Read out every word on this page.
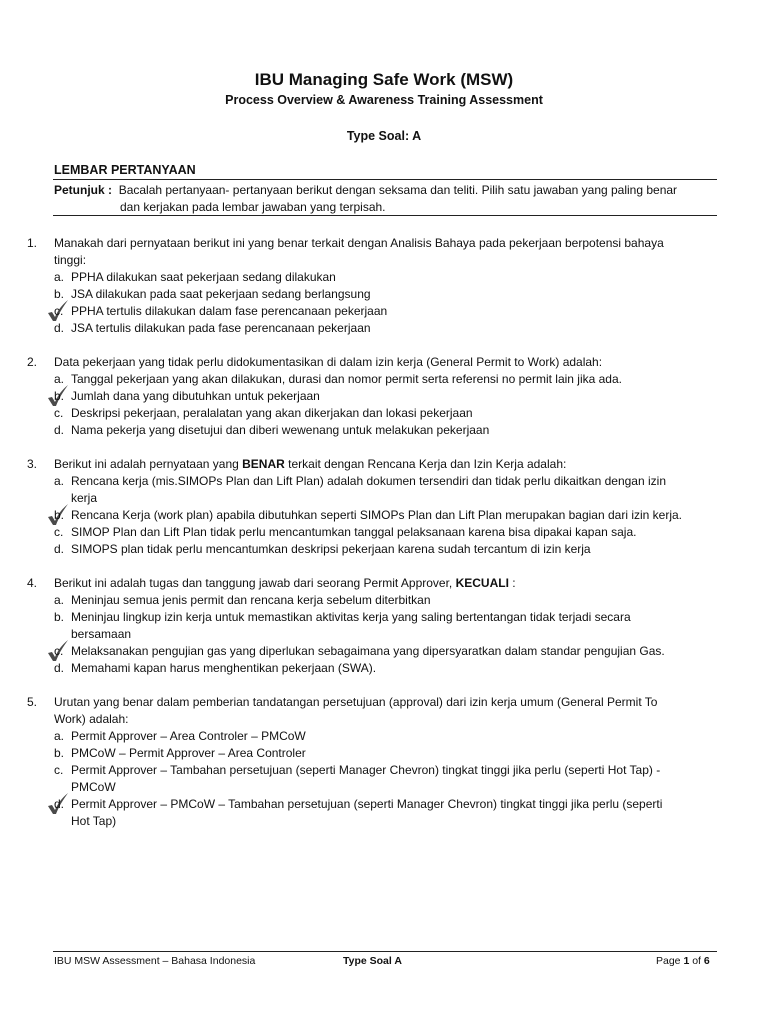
IBU Managing Safe Work (MSW)
Process Overview & Awareness Training Assessment
Type Soal: A
LEMBAR PERTANYAAN
Petunjuk : Bacalah pertanyaan- pertanyaan berikut dengan seksama dan teliti. Pilih satu jawaban yang paling benar
dan kerjakan pada lembar jawaban yang terpisah.
1. Manakah dari pernyataan berikut ini yang benar terkait dengan Analisis Bahaya pada pekerjaan berpotensi bahaya
tinggi:
a. PPHA dilakukan saat pekerjaan sedang dilakukan
b. JSA dilakukan pada saat pekerjaan sedang berlangsung
c. PPHA tertulis dilakukan dalam fase perencanaan pekerjaan
d. JSA tertulis dilakukan pada fase perencanaan pekerjaan
2. Data pekerjaan yang tidak perlu didokumentasikan di dalam izin kerja (General Permit to Work) adalah:
a. Tanggal pekerjaan yang akan dilakukan, durasi dan nomor permit serta referensi no permit lain jika ada.
b. Jumlah dana yang dibutuhkan untuk pekerjaan
c. Deskripsi pekerjaan, peralalatan yang akan dikerjakan dan lokasi pekerjaan
d. Nama pekerja yang disetujui dan diberi wewenang untuk melakukan pekerjaan
3. Berikut ini adalah pernyataan yang BENAR terkait dengan Rencana Kerja dan Izin Kerja adalah:
a. Rencana kerja (mis.SIMOPs Plan dan Lift Plan) adalah dokumen tersendiri dan tidak perlu dikaitkan dengan izin
kerja
b. Rencana Kerja (work plan) apabila dibutuhkan seperti SIMOPs Plan dan Lift Plan merupakan bagian dari izin kerja.
c. SIMOP Plan dan Lift Plan tidak perlu mencantumkan tanggal pelaksanaan karena bisa dipakai kapan saja.
d. SIMOPS plan tidak perlu mencantumkan deskripsi pekerjaan karena sudah tercantum di izin kerja
4. Berikut ini adalah tugas dan tanggung jawab dari seorang Permit Approver, KECUALI :
a. Meninjau semua jenis permit dan rencana kerja sebelum diterbitkan
b. Meninjau lingkup izin kerja untuk memastikan aktivitas kerja yang saling bertentangan tidak terjadi secara
bersamaan
c. Melaksanakan pengujian gas yang diperlukan sebagaimana yang dipersyaratkan dalam standar pengujian Gas.
d. Memahami kapan harus menghentikan pekerjaan (SWA).
5. Urutan yang benar dalam pemberian tandatangan persetujuan (approval) dari izin kerja umum (General Permit To
Work) adalah:
a. Permit Approver – Area Controler – PMCoW
b. PMCoW – Permit Approver – Area Controler
c. Permit Approver – Tambahan persetujuan (seperti Manager Chevron) tingkat tinggi jika perlu (seperti Hot Tap) -
PMCoW
d. Permit Approver – PMCoW – Tambahan persetujuan (seperti Manager Chevron) tingkat tinggi jika perlu (seperti
Hot Tap)
IBU MSW Assessment – Bahasa Indonesia	Type Soal A	Page 1 of 6
